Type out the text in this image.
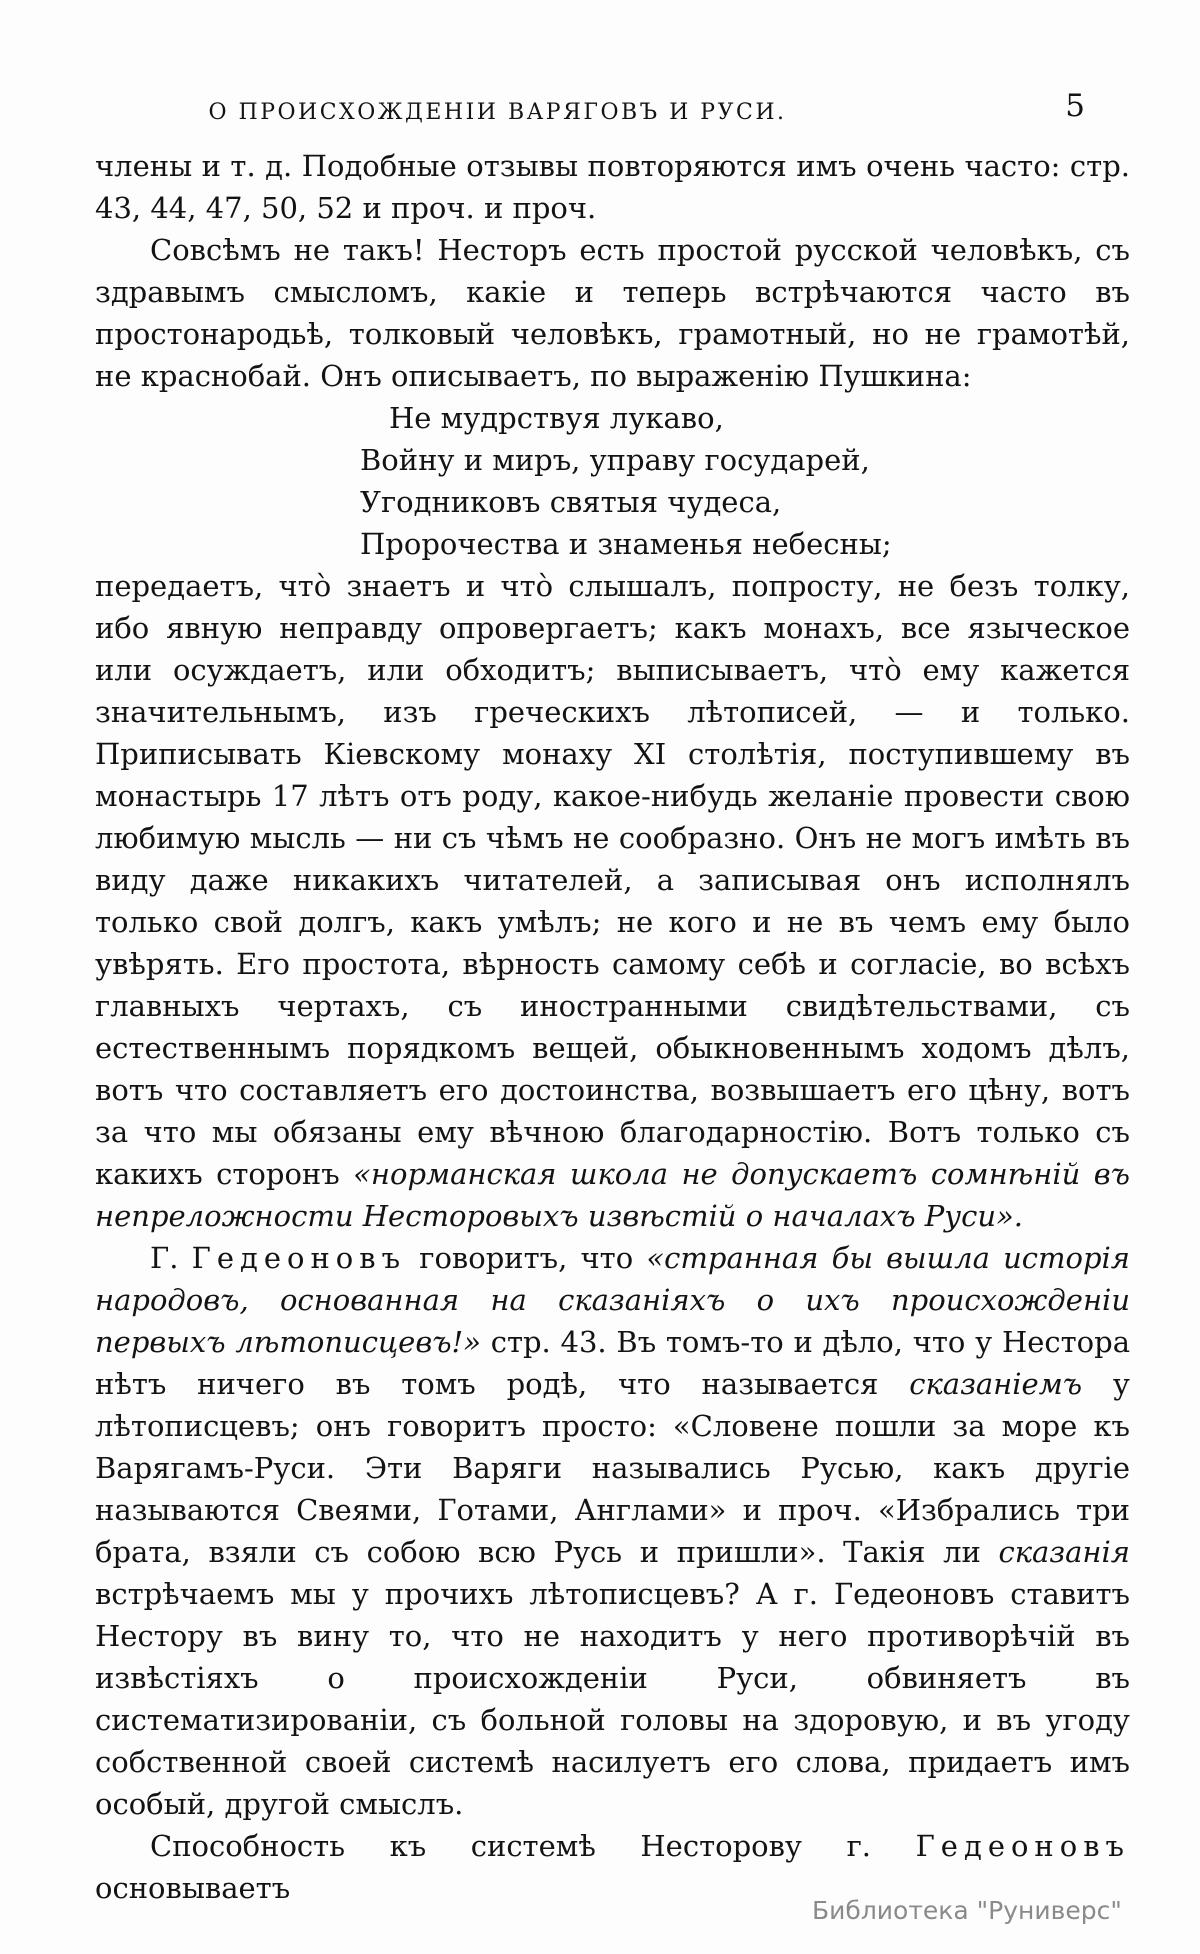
О ПРОИСХОЖДЕНІИ ВАРЯГОВЪ И РУСИ.	5

члены и т. д. Подобные отзывы повторяются имъ очень часто: стр. 43, 44, 47, 50, 52 и проч. и проч.

Совсѣмъ не такъ! Несторъ есть простой русской человѣкъ, съ здравымъ смысломъ, какіе и теперь встрѣчаются часто въ простонародьѣ, толковый человѣкъ, грамотный, но не грамотѣй, не краснобай. Онъ описываетъ, по выраженію Пушкина:

Не мудрствуя лукаво,
Войну и миръ, управу государей,
Угодниковъ святыя чудеса,
Пророчества и знаменья небесны;

передаетъ, чтò знаетъ и чтò слышалъ, попросту, не безъ толку, ибо явную неправду опровергаетъ; какъ монахъ, все языческое или осуждаетъ, или обходитъ; выписываетъ, чтò ему кажется значительнымъ, изъ греческихъ лѣтописей, — и только. Приписывать Кіевскому монаху XI столѣтія, поступившему въ монастырь 17 лѣтъ отъ роду, какое-нибудь желаніе провести свою любимую мысль — ни съ чѣмъ не сообразно. Онъ не могъ имѣть въ виду даже никакихъ читателей, а записывая онъ исполнялъ только свой долгъ, какъ умѣлъ; не кого и не въ чемъ ему было увѣрять. Его простота, вѣрность самому себѣ и согласіе, во всѣхъ главныхъ чертахъ, съ иностранными свидѣтельствами, съ естественнымъ порядкомъ вещей, обыкновеннымъ ходомъ дѣлъ, вотъ что составляетъ его достоинства, возвышаетъ его цѣну, вотъ за что мы обязаны ему вѣчною благодарностію. Вотъ только съ какихъ сторонъ «норманская школа не допускаетъ сомнѣній въ непреложности Несторовыхъ извѣстій о началахъ Руси».

Г. Гедеоновъ говоритъ, что «странная бы вышла исторія народовъ, основанная на сказаніяхъ о ихъ происхожденіи первыхъ лѣтописцевъ!» стр. 43. Въ томъ-то и дѣло, что у Нестора нѣтъ ничего въ томъ родѣ, что называется сказаніемъ у лѣтописцевъ; онъ говоритъ просто: «Словене пошли за море къ Варягамъ-Руси. Эти Варяги назывались Русью, какъ другіе называются Свеями, Готами, Англами» и проч. «Избрались три брата, взяли съ собою всю Русь и пришли». Такія ли сказанія встрѣчаемъ мы у прочихъ лѣтописцевъ? А г. Гедеоновъ ставитъ Нестору въ вину то, что не находитъ у него противорѣчій въ извѣстіяхъ о происхожденіи Руси, обвиняетъ въ систематизированіи, съ больной головы на здоровую, и въ угоду собственной своей системѣ насилуетъ его слова, придаетъ имъ особый, другой смыслъ.

Способность къ системѣ Несторову г. Гедеоновъ основываетъ

Библиотека "Руниверс"
